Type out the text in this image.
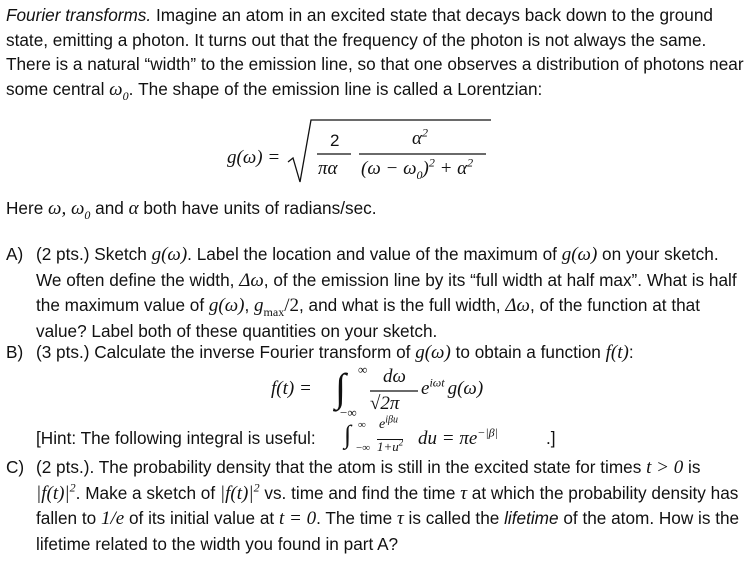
Fourier transforms. Imagine an atom in an excited state that decays back down to the ground state, emitting a photon. It turns out that the frequency of the photon is not always the same. There is a natural “width” to the emission line, so that one observes a distribution of photons near some central $\omega_0$. The shape of the emission line is called a Lorentzian:

g(ω) =
2
πα
$\alpha^2$
$(\omega - \omega_0)^2 + \alpha^2$

Here ω, $\omega_0$ and α both have units of radians/sec.

A) (2 pts.) Sketch g(ω). Label the location and value of the maximum of g(ω) on your sketch. We often define the width, Δω, of the emission line by its “full width at half max”. What is half the maximum value of g(ω), $g_{max}/2$, and what is the full width, Δω, of the function at that value? Label both of these quantities on your sketch.
B) (3 pts.) Calculate the inverse Fourier transform of g(ω) to obtain a function f(t):
f(t) = ∫ ∞
−∞
dω
√2π
$e^{i\omega t}$ g(ω)
[Hint: The following integral is useful: ∫ ∞
−∞
$e^{i\beta u}$
$1+u^2$ du = $\pi e^{-|\beta|}$	.]
C) (2 pts.). The probability density that the atom is still in the excited state for times t > 0 is $|f(t)|^2$. Make a sketch of $|f(t)|^2$ vs. time and find the time τ at which the probability density has fallen to 1/e of its initial value at t = 0. The time τ is called the lifetime of the atom. How is the lifetime related to the width you found in part A?
